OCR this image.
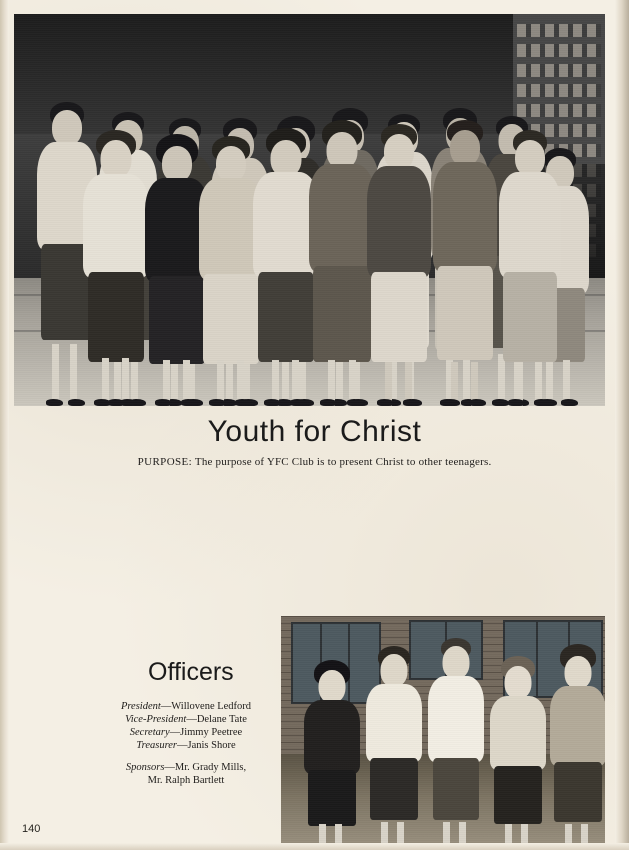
Youth for Christ
PURPOSE: The purpose of YFC Club is to present Christ to other teenagers.
Officers
President—Willovene Ledford
Vice-President—Delane Tate
Secretary—Jimmy Peetree
Treasurer—Janis Shore
Sponsors—Mr. Grady Mills,
Mr. Ralph Bartlett
140
